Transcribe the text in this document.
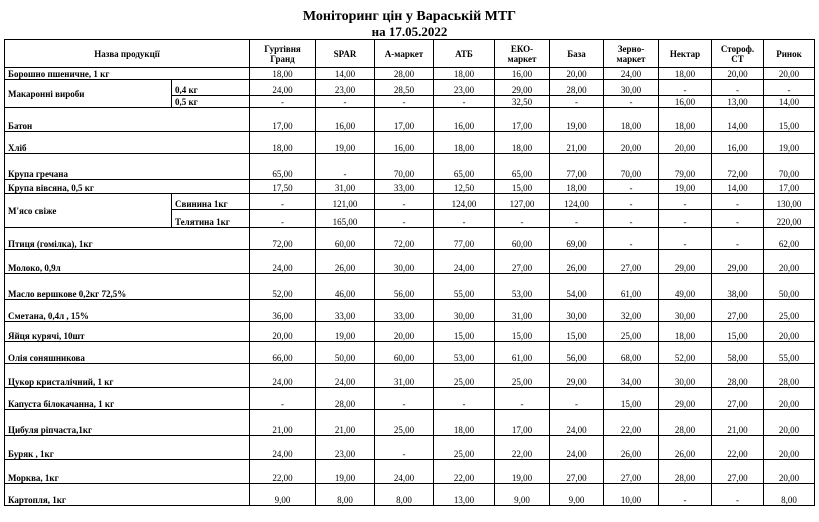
Моніторинг цін у Вараській МТГ
на 17.05.2022
Назва продукції		Гуртівня Гранд	SPAR	А-маркет	АТБ	ЕКО-маркет	База	Зерно-маркет	Нектар	Стороф. СТ	Ринок
Борошно пшеничне, 1 кг		18,00	14,00	28,00	18,00	16,00	20,00	24,00	18,00	20,00	20,00
Макаронні вироби	0,4 кг	24,00	23,00	28,50	23,00	29,00	28,00	30,00	-	-	-
	0,5 кг	-	-	-	-	32,50	-	-	16,00	13,00	14,00
Батон		17,00	16,00	17,00	16,00	17,00	19,00	18,00	18,00	14,00	15,00
Хліб		18,00	19,00	16,00	18,00	18,00	21,00	20,00	20,00	16,00	19,00
Крупа гречана		65,00	-	70,00	65,00	65,00	77,00	70,00	79,00	72,00	70,00
Крупа вівсяна, 0,5 кг		17,50	31,00	33,00	12,50	15,00	18,00	-	19,00	14,00	17,00
М'ясо свіже	Свинина 1кг	-	121,00	-	124,00	127,00	124,00	-	-	-	130,00
	Телятина 1кг	-	165,00	-	-	-	-	-	-	-	220,00
Птиця (гомілка), 1кг		72,00	60,00	72,00	77,00	60,00	69,00	-	-	-	62,00
Молоко, 0,9л		24,00	26,00	30,00	24,00	27,00	26,00	27,00	29,00	29,00	20,00
Масло вершкове 0,2кг 72,5%		52,00	46,00	56,00	55,00	53,00	54,00	61,00	49,00	38,00	50,00
Сметана, 0,4л , 15%		36,00	33,00	33,00	30,00	31,00	30,00	32,00	30,00	27,00	25,00
Яйця курячі, 10шт		20,00	19,00	20,00	15,00	15,00	15,00	25,00	18,00	15,00	20,00
Олія соняшникова		66,00	50,00	60,00	53,00	61,00	56,00	68,00	52,00	58,00	55,00
Цукор кристалічний, 1 кг		24,00	24,00	31,00	25,00	25,00	29,00	34,00	30,00	28,00	28,00
Капуста білокачанна, 1 кг		-	28,00	-	-	-	-	15,00	29,00	27,00	20,00
Цибуля ріпчаста,1кг		21,00	21,00	25,00	18,00	17,00	24,00	22,00	28,00	21,00	20,00
Буряк , 1кг		24,00	23,00	-	25,00	22,00	24,00	26,00	26,00	22,00	20,00
Морква, 1кг		22,00	19,00	24,00	22,00	19,00	27,00	27,00	28,00	27,00	20,00
Картопля, 1кг		9,00	8,00	8,00	13,00	9,00	9,00	10,00	-	-	8,00
